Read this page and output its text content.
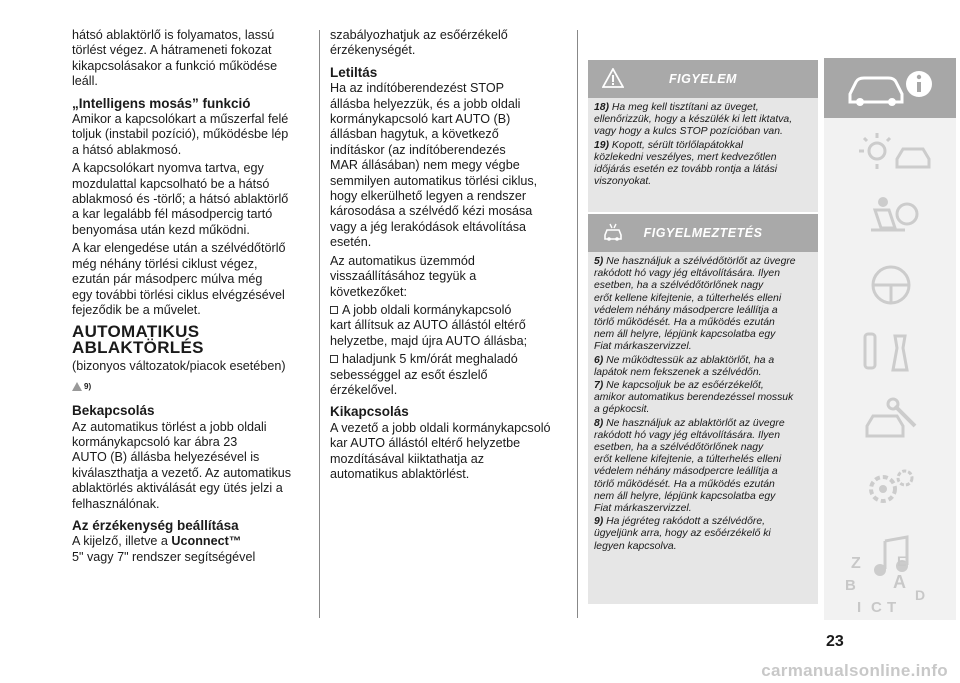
hátsó ablaktörlő is folyamatos, lassú
törlést végez. A hátrameneti fokozat
kikapcsolásakor a funkció működése
leáll.

„Intelligens mosás” funkció

Amikor a kapcsolókart a műszerfal felé
toljuk (instabil pozíció), működésbe lép
a hátsó ablakmosó.

A kapcsolókart nyomva tartva, egy
mozdulattal kapcsolható be a hátsó
ablakmosó és -törlő; a hátsó ablaktörlő
a kar legalább fél másodpercig tartó
benyomása után kezd működni.

A kar elengedése után a szélvédőtörlő
még néhány törlési ciklust végez,
ezután pár másodperc múlva még
egy további törlési ciklus elvégzésével
fejeződik be a művelet.

AUTOMATIKUS
ABLAKTÖRLÉS

(bizonyos változatok/piacok esetében)

9)
Bekapcsolás

Az automatikus törlést a jobb oldali
kormánykapcsoló kar ábra 23
AUTO (B) állásba helyezésével is
kiválaszthatja a vezető. Az automatikus
ablaktörlés aktiválását egy ütés jelzi a
felhasználónak.

Az érzékenység beállítása

A kijelző, illetve a Uconnect™
5" vagy 7" rendszer segítségével

szabályozhatjuk az esőérzékelő
érzékenységét.

Letiltás

Ha az indítóberendezést STOP
állásba helyezzük, és a jobb oldali
kormánykapcsoló kart AUTO (B)
állásban hagytuk, a következő
indításkor (az indítóberendezés
MAR állásában) nem megy végbe
semmilyen automatikus törlési ciklus,
hogy elkerülhető legyen a rendszer
károsodása a szélvédő kézi mosása
vagy a jég lerakódások eltávolítása
esetén.

Az automatikus üzemmód
visszaállításához tegyük a
következőket:

A jobb oldali kormánykapcsoló
kart állítsuk az AUTO állástól eltérő
helyzetbe, majd újra AUTO állásba;

haladjunk 5 km/órát meghaladó
sebességgel az esőt észlelő
érzékelővel.

Kikapcsolás

A vezető a jobb oldali kormánykapcsoló
kar AUTO állástól eltérő helyzetbe
mozdításával kiiktathatja az
automatikus ablaktörlést.

FIGYELEM

18) Ha meg kell tisztítani az üveget,
ellenőrizzük, hogy a készülék ki lett iktatva,
vagy hogy a kulcs STOP pozícióban van.

19) Kopott, sérült törlőlapátokkal
közlekedni veszélyes, mert kedvezőtlen
időjárás esetén ez tovább rontja a látási
viszonyokat.

FIGYELMEZTETÉS

5) Ne használjuk a szélvédőtörlőt az üvegre
rakódott hó vagy jég eltávolítására. Ilyen
esetben, ha a szélvédőtörlőnek nagy
erőt kellene kifejtenie, a túlterhelés elleni
védelem néhány másodpercre leállítja a
törlő működését. Ha a működés ezután
nem áll helyre, lépjünk kapcsolatba egy
Fiat márkaszervizzel.

6) Ne működtessük az ablaktörlőt, ha a
lapátok nem fekszenek a szélvédőn.

7) Ne kapcsoljuk be az esőérzékelőt,
amikor automatikus berendezéssel mossuk
a gépkocsit.

8) Ne használjuk az ablaktörlőt az üvegre
rakódott hó vagy jég eltávolítására. Ilyen
esetben, ha a szélvédőtörlőnek nagy
erőt kellene kifejtenie, a túlterhelés elleni
védelem néhány másodpercre leállítja a
törlő működését. Ha a működés ezután
nem áll helyre, lépjünk kapcsolatba egy
Fiat márkaszervizzel.

9) Ha jégréteg rakódott a szélvédőre,
ügyeljünk arra, hogy az esőérzékelő ki
legyen kapcsolva.

Z	E
B A
D
I C T
23
carmanualsonline.info
